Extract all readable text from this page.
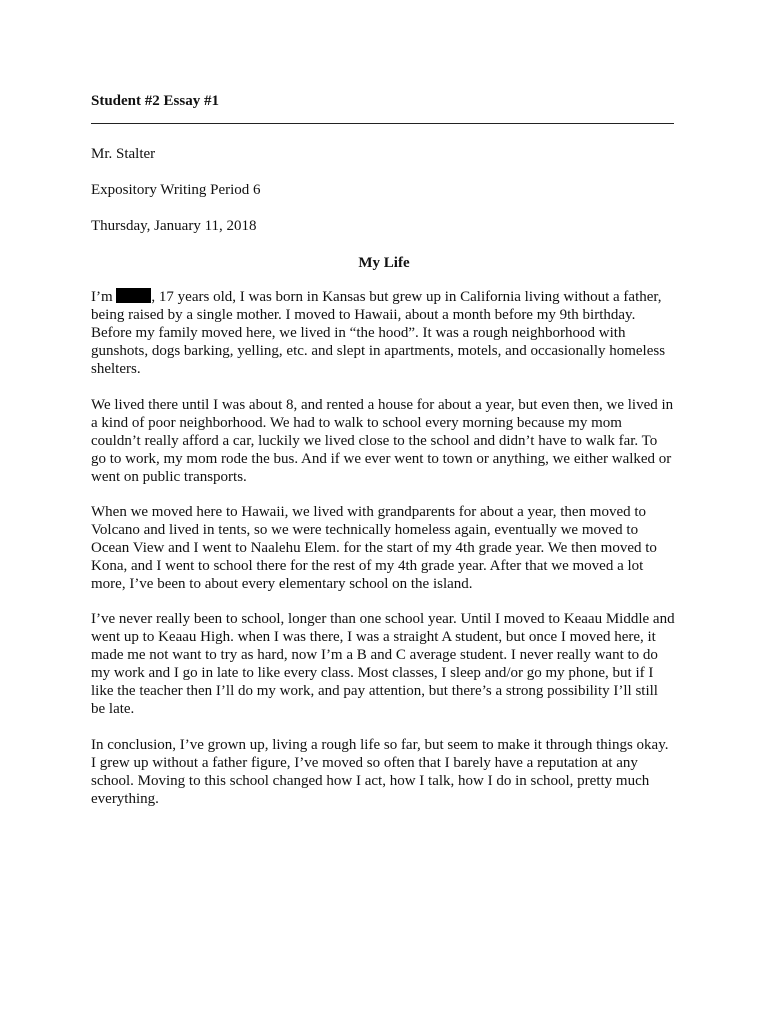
Student #2 Essay #1
Mr. Stalter
Expository Writing Period 6
Thursday, January 11, 2018
My Life

I’m	, 17 years old, I was born in Kansas but grew up in California living without a father,
being raised by a single mother. I moved to Hawaii, about a month before my 9th birthday.
Before my family moved here, we lived in “the hood”. It was a rough neighborhood with
gunshots, dogs barking, yelling, etc. and slept in apartments, motels, and occasionally homeless
shelters.

We lived there until I was about 8, and rented a house for about a year, but even then, we lived in
a kind of poor neighborhood. We had to walk to school every morning because my mom
couldn’t really afford a car, luckily we lived close to the school and didn’t have to walk far. To
go to work, my mom rode the bus. And if we ever went to town or anything, we either walked or
went on public transports.

When we moved here to Hawaii, we lived with grandparents for about a year, then moved to
Volcano and lived in tents, so we were technically homeless again, eventually we moved to
Ocean View and I went to Naalehu Elem. for the start of my 4th grade year. We then moved to
Kona, and I went to school there for the rest of my 4th grade year. After that we moved a lot
more, I’ve been to about every elementary school on the island.

I’ve never really been to school, longer than one school year. Until I moved to Keaau Middle and
went up to Keaau High. when I was there, I was a straight A student, but once I moved here, it
made me not want to try as hard, now I’m a B and C average student. I never really want to do
my work and I go in late to like every class. Most classes, I sleep and/or go my phone, but if I
like the teacher then I’ll do my work, and pay attention, but there’s a strong possibility I’ll still
be late.

In conclusion, I’ve grown up, living a rough life so far, but seem to make it through things okay.
I grew up without a father figure, I’ve moved so often that I barely have a reputation at any
school. Moving to this school changed how I act, how I talk, how I do in school, pretty much
everything.
